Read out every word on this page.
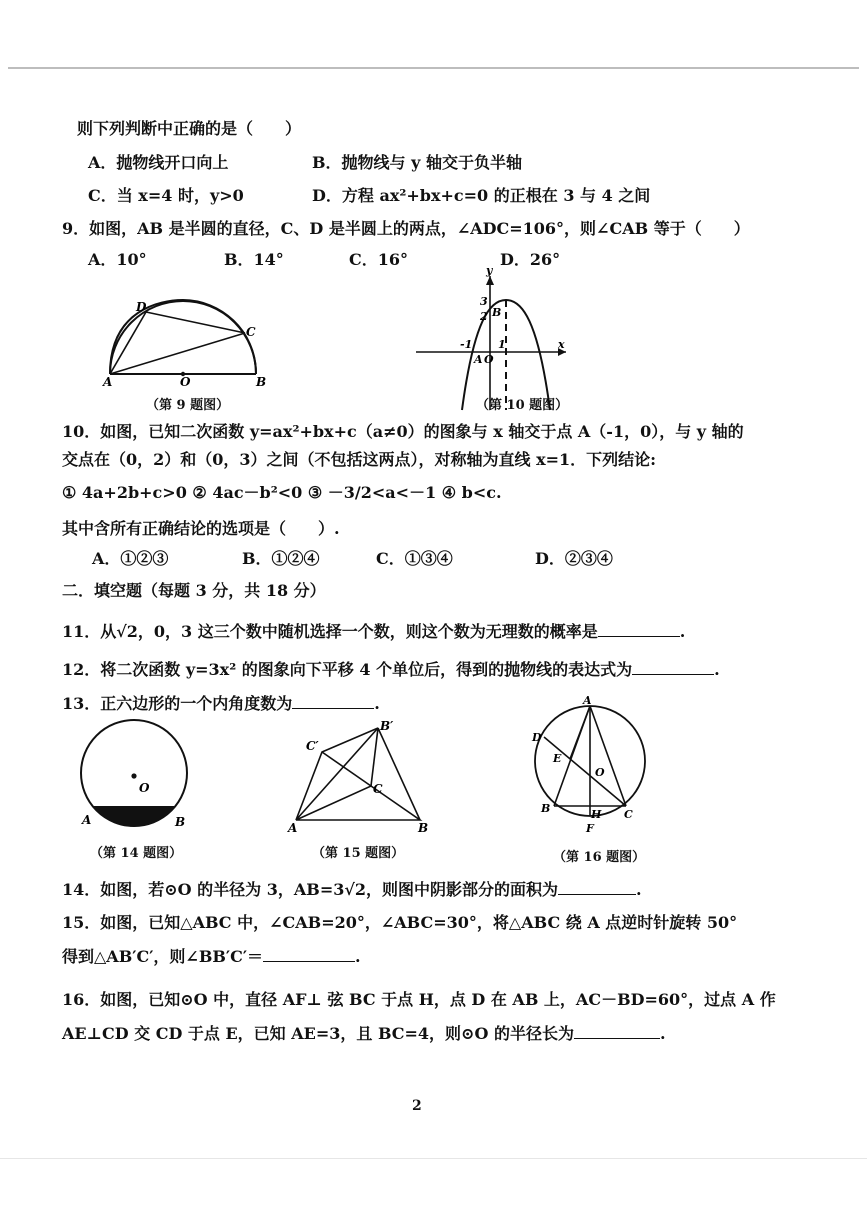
则下列判断中正确的是（　　）
A．抛物线开口向上	B．抛物线与 y 轴交于负半轴
C．当 x=4 时，y>0	D．方程 ax²+bx+c=0 的正根在 3 与 4 之间
9．如图，AB 是半圆的直径，C、D 是半圆上的两点，∠ADC=106°，则∠CAB 等于（　　）
A．10°	B．14°	C．16°	D．26°
D
C
A	O	B
（第 9 题图）
y
x
3
2 B
-1
A O
1
（第 10 题图）
10．如图，已知二次函数 y=ax²+bx+c（a≠0）的图象与 x 轴交于点 A（-1，0），与 y 轴的
交点在（0，2）和（0，3）之间（不包括这两点），对称轴为直线 x=1．下列结论:
① 4a+2b+c>0 ② 4ac－b²<0 ③ －3/2<a<－1 ④ b<c.
其中含所有正确结论的选项是（　　）.
A．①②③	B．①②④	C．①③④	D．②③④
二．填空题（每题 3 分，共 18 分）
11．从√2，0，3 这三个数中随机选择一个数，则这个数为无理数的概率是	.
12．将二次函数 y=3x² 的图象向下平移 4 个单位后，得到的抛物线的表达式为	.
13．正六边形的一个内角度数为	.
O
A	B
（第 14 题图）
A	B
C
B′
C′
（第 15 题图）
A
D
E
O
B	C
H
F
（第 16 题图）
14．如图，若⊙O 的半径为 3，AB=3√2，则图中阴影部分的面积为	.
15．如图，已知△ABC 中，∠CAB=20°，∠ABC=30°，将△ABC 绕 A 点逆时针旋转 50°
得到△AB′C′，则∠BB′C′＝	.
16．如图，已知⊙O 中，直径 AF⊥ 弦 BC 于点 H，点 D 在 AB 上，AC－BD=60°，过点 A 作
AE⊥CD 交 CD 于点 E，已知 AE=3，且 BC=4，则⊙O 的半径长为	.
2
